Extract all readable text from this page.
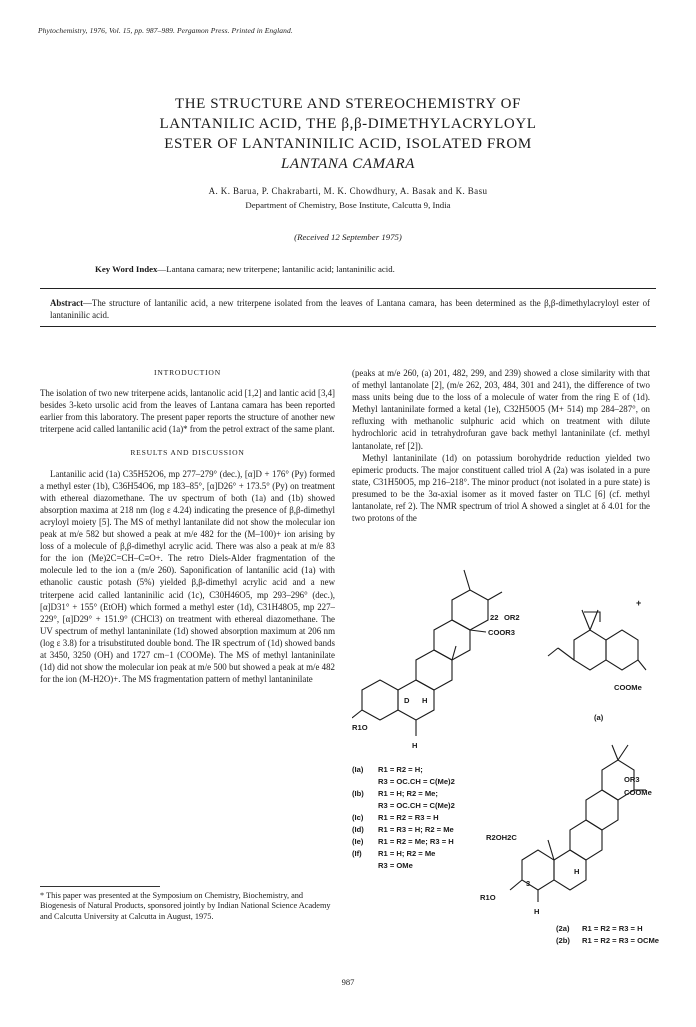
Phytochemistry, 1976, Vol. 15, pp. 987–989. Pergamon Press. Printed in England.
THE STRUCTURE AND STEREOCHEMISTRY OF
LANTANILIC ACID, THE β,β-DIMETHYLACRYLOYL
ESTER OF LANTANINILIC ACID, ISOLATED FROM
LANTANA CAMARA
A. K. Barua, P. Chakrabarti, M. K. Chowdhury, A. Basak and K. Basu
Department of Chemistry, Bose Institute, Calcutta 9, India
(Received 12 September 1975)
Key Word Index—Lantana camara; new triterpene; lantanilic acid; lantaninilic acid.
Abstract—The structure of lantanilic acid, a new triterpene isolated from the leaves of Lantana camara, has been determined as the β,β-dimethylacryloyl ester of lantaninilic acid.
INTRODUCTION

The isolation of two new triterpene acids, lantanolic acid [1,2] and lantic acid [3,4] besides 3-keto ursolic acid from the leaves of Lantana camara has been reported earlier from this laboratory. The present paper reports the structure of another new triterpene acid called lantanilic acid (1a)* from the petrol extract of the same plant.

RESULTS AND DISCUSSION

Lantanilic acid (1a) C35H52O6, mp 277–279° (dec.), [α]D + 176° (Py) formed a methyl ester (1b), C36H54O6, mp 183–85°, [α]D26° + 173.5° (Py) on treatment with ethereal diazomethane. The uv spectrum of both (1a) and (1b) showed absorption maxima at 218 nm (log ε 4.24) indicating the presence of β,β-dimethyl acryloyl moiety [5]. The MS of methyl lantanilate did not show the molecular ion peak at m/e 582 but showed a peak at m/e 482 for the (M–100)+ ion arising by loss of a molecule of β,β-dimethyl acrylic acid. There was also a peak at m/e 83 for the ion (Me)2C=CH–C≡O+. The retro Diels-Alder fragmentation of the molecule led to the ion a (m/e 260). Saponification of lantanilic acid (1a) with ethanolic caustic potash (5%) yielded β,β-dimethyl acrylic acid and a new triterpene acid called lantaninilic acid (1c), C30H46O5, mp 293–296° (dec.), [α]D31° + 155° (EtOH) which formed a methyl ester (1d), C31H48O5, mp 227–229°, [α]D29° + 151.9° (CHCl3) on treatment with ethereal diazomethane. The UV spectrum of methyl lantaninilate (1d) showed absorption maximum at 206 nm (log ε 3.8) for a trisubstituted double bond. The IR spectrum of (1d) showed bands at 3450, 3250 (OH) and 1727 cm−1 (COOMe). The MS of methyl lantaninilate (1d) did not show the molecular ion peak at m/e 500 but showed a peak at m/e 482 for the ion (M-H2O)+. The MS fragmentation pattern of methyl lantaninilate

(peaks at m/e 260, (a) 201, 482, 299, and 239) showed a close similarity with that of methyl lantanolate [2], (m/e 262, 203, 484, 301 and 241), the difference of two mass units being due to the loss of a molecule of water from the ring E of (1d). Methyl lantaninilate formed a ketal (1e), C32H50O5 (M+ 514) mp 284–287°, on refluxing with methanolic sulphuric acid which on treatment with dilute hydrochloric acid in tetrahydrofuran gave back methyl lantaninilate (cf. methyl lantanolate, ref [2]).

Methyl lantaninilate (1d) on potassium borohydride reduction yielded two epimeric products. The major constituent called triol A (2a) was isolated in a pure state, C31H50O5, mp 216–218°. The minor product (not isolated in a pure state) is presumed to be the 3α-axial isomer as it moved faster on TLC [6] (cf. methyl lantanolate, ref 2). The NMR spectrum of triol A showed a singlet at δ 4.01 for the two protons of the

R1O
22 OR2
COOR3
D H
H
+
COOMe
(a)
R2OH2C
OR3
COOMe
R1O
3
H
H
(Ia) R1 = R2 = H;
R3 = OC.CH = C(Me)2
(Ib) R1 = H; R2 = Me;
R3 = OC.CH = C(Me)2
(Ic) R1 = R2 = R3 = H
(Id) R1 = R3 = H; R2 = Me
(Ie) R1 = R2 = Me; R3 = H
(If) R1 = H; R2 = Me
R3 = OMe
(2a) R1 = R2 = R3 = H
(2b) R1 = R2 = R3 = OCMe
* This paper was presented at the Symposium on Chemistry, Biochemistry, and Biogenesis of Natural Products, sponsored jointly by Indian National Science Academy and Calcutta University at Calcutta in August, 1975.
987
